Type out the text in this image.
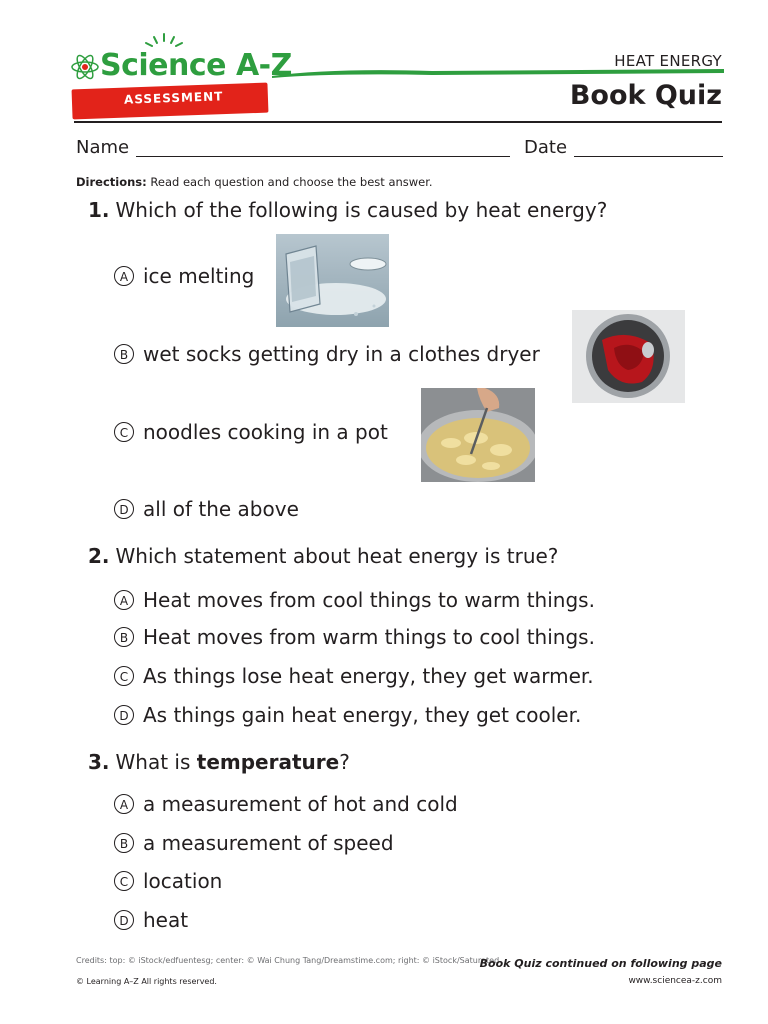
Science A-Z
ASSESSMENT
HEAT ENERGY
Book Quiz
Name	Date
Directions: Read each question and choose the best answer.
1. Which of the following is caused by heat energy?
A ice melting
B wet socks getting dry in a clothes dryer
C noodles cooking in a pot
D all of the above
2. Which statement about heat energy is true?
A Heat moves from cool things to warm things.
B Heat moves from warm things to cool things.
C As things lose heat energy, they get warmer.
D As things gain heat energy, they get cooler.
3. What is temperature?
A a measurement of hot and cold
B a measurement of speed
C location
D heat
Credits: top: © iStock/edfuentesg; center: © Wai Chung Tang/Dreamstime.com; right: © iStock/Saturated
© Learning A–Z All rights reserved.
Book Quiz continued on following page
www.sciencea-z.com
